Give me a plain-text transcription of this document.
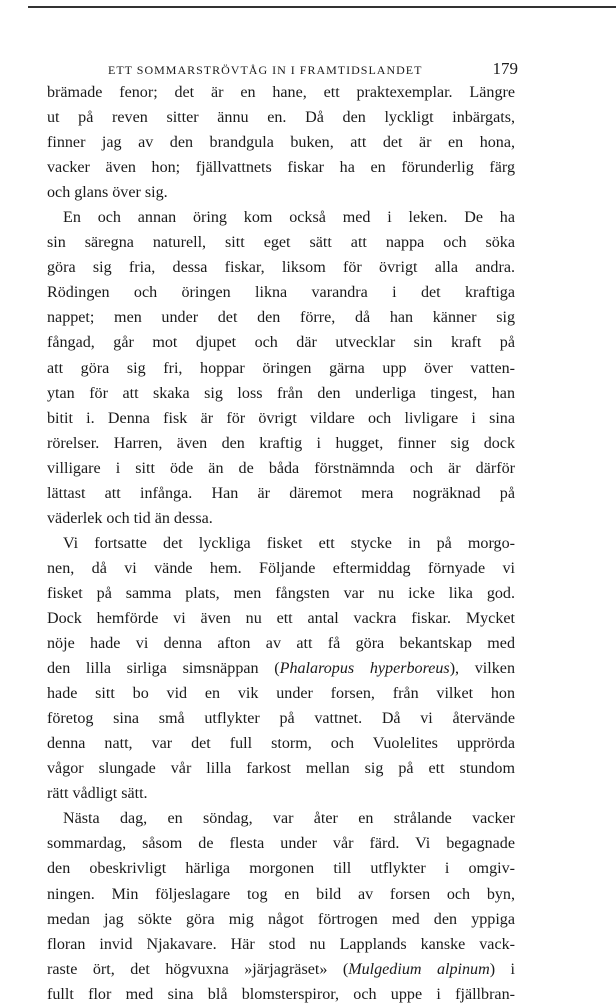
ETT SOMMARSTRÖVTÅG IN I FRAMTIDSLANDET	179

brämade fenor; det är en hane, ett praktexemplar. Längre
ut på reven sitter ännu en. Då den lyckligt inbärgats,
finner jag av den brandgula buken, att det är en hona,
vacker även hon; fjällvattnets fiskar ha en förunderlig färg
och glans över sig.

En och annan öring kom också med i leken. De ha
sin säregna naturell, sitt eget sätt att nappa och söka
göra sig fria, dessa fiskar, liksom för övrigt alla andra.
Rödingen och öringen likna varandra i det kraftiga
nappet; men under det den förre, då han känner sig
fångad, går mot djupet och där utvecklar sin kraft på
att göra sig fri, hoppar öringen gärna upp över vatten-
ytan för att skaka sig loss från den underliga tingest, han
bitit i. Denna fisk är för övrigt vildare och livligare i sina
rörelser. Harren, även den kraftig i hugget, finner sig dock
villigare i sitt öde än de båda förstnämnda och är därför
lättast att infånga. Han är däremot mera nogräknad på
väderlek och tid än dessa.

Vi fortsatte det lyckliga fisket ett stycke in på morgo-
nen, då vi vände hem. Följande eftermiddag förnyade vi
fisket på samma plats, men fångsten var nu icke lika god.
Dock hemförde vi även nu ett antal vackra fiskar. Mycket
nöje hade vi denna afton av att få göra bekantskap med
den lilla sirliga simsnäppan (Phalaropus hyperboreus), vilken
hade sitt bo vid en vik under forsen, från vilket hon
företog sina små utflykter på vattnet. Då vi återvände
denna natt, var det full storm, och Vuolelites upprörda
vågor slungade vår lilla farkost mellan sig på ett stundom
rätt vådligt sätt.

Nästa dag, en söndag, var åter en strålande vacker
sommardag, såsom de flesta under vår färd. Vi begagnade
den obeskrivligt härliga morgonen till utflykter i omgiv-
ningen. Min följeslagare tog en bild av forsen och byn,
medan jag sökte göra mig något förtrogen med den yppiga
floran invid Njakavare. Här stod nu Lapplands kanske vack-
raste ört, det högvuxna »järjagräset» (Mulgedium alpinum) i
fullt flor med sina blå blomsterspiror, och uppe i fjällbran-
